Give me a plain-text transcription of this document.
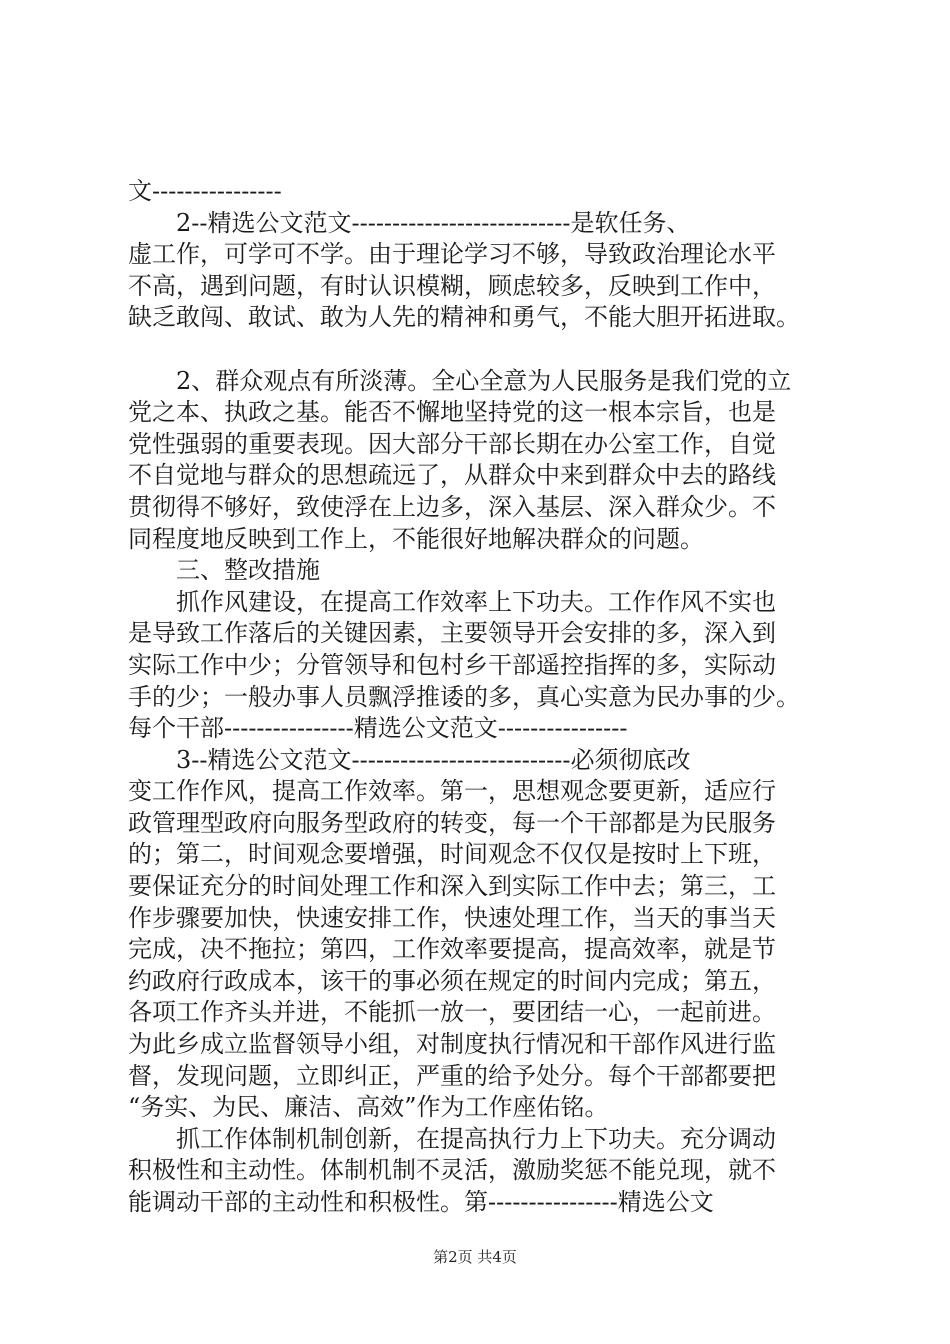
文----------------
　　2--精选公文范文---------------------------是软任务、
虚工作，可学可不学。由于理论学习不够，导致政治理论水平
不高，遇到问题，有时认识模糊，顾虑较多，反映到工作中，
缺乏敢闯、敢试、敢为人先的精神和勇气，不能大胆开拓进取。
　　2、群众观点有所淡薄。全心全意为人民服务是我们党的立
党之本、执政之基。能否不懈地坚持党的这一根本宗旨，也是
党性强弱的重要表现。因大部分干部长期在办公室工作，自觉
不自觉地与群众的思想疏远了，从群众中来到群众中去的路线
贯彻得不够好，致使浮在上边多，深入基层、深入群众少。不
同程度地反映到工作上，不能很好地解决群众的问题。
　　三、整改措施
　　抓作风建设，在提高工作效率上下功夫。工作作风不实也
是导致工作落后的关键因素，主要领导开会安排的多，深入到
实际工作中少；分管领导和包村乡干部遥控指挥的多，实际动
手的少；一般办事人员飘浮推诿的多，真心实意为民办事的少。
每个干部----------------精选公文范文----------------
　　3--精选公文范文---------------------------必须彻底改
变工作作风，提高工作效率。第一，思想观念要更新，适应行
政管理型政府向服务型政府的转变，每一个干部都是为民服务
的；第二，时间观念要增强，时间观念不仅仅是按时上下班，
要保证充分的时间处理工作和深入到实际工作中去；第三，工
作步骤要加快，快速安排工作，快速处理工作，当天的事当天
完成，决不拖拉；第四，工作效率要提高，提高效率，就是节
约政府行政成本，该干的事必须在规定的时间内完成；第五，
各项工作齐头并进，不能抓一放一，要团结一心，一起前进。
为此乡成立监督领导小组，对制度执行情况和干部作风进行监
督，发现问题，立即纠正，严重的给予处分。每个干部都要把
“务实、为民、廉洁、高效”作为工作座佑铭。
　　抓工作体制机制创新，在提高执行力上下功夫。充分调动
积极性和主动性。体制机制不灵活，激励奖惩不能兑现，就不
能调动干部的主动性和积极性。第----------------精选公文
第2页 共4页
